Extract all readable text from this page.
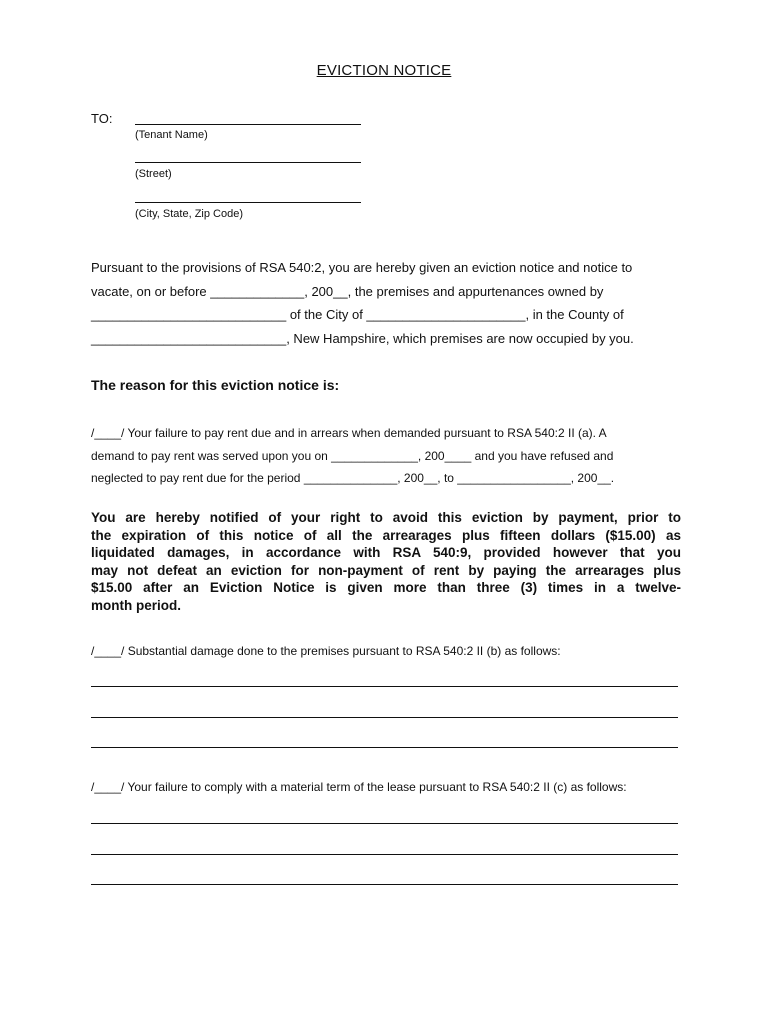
EVICTION NOTICE
TO:
(Tenant Name)
(Street)
(City, State, Zip Code)
Pursuant to the provisions of RSA 540:2, you are hereby given an eviction notice and notice to
vacate, on or before _____________, 200__, the premises and appurtenances owned by
___________________________ of the City of ______________________, in the County of
___________________________, New Hampshire, which premises are now occupied by you.
The reason for this eviction notice is:
/____/ Your failure to pay rent due and in arrears when demanded pursuant to RSA 540:2 II (a). A
demand to pay rent was served upon you on _____________, 200____ and you have refused and
neglected to pay rent due for the period ______________, 200__, to _________________, 200__.
You are hereby notified of your right to avoid this eviction by payment, prior to
the expiration of this notice of all the arrearages plus fifteen dollars ($15.00) as
liquidated damages, in accordance with RSA 540:9, provided however that you
may not defeat an eviction for non-payment of rent by paying the arrearages plus
$15.00 after an Eviction Notice is given more than three (3) times in a twelve-
month period.
/____/ Substantial damage done to the premises pursuant to RSA 540:2 II (b) as follows:
/____/ Your failure to comply with a material term of the lease pursuant to RSA 540:2 II (c) as follows:
